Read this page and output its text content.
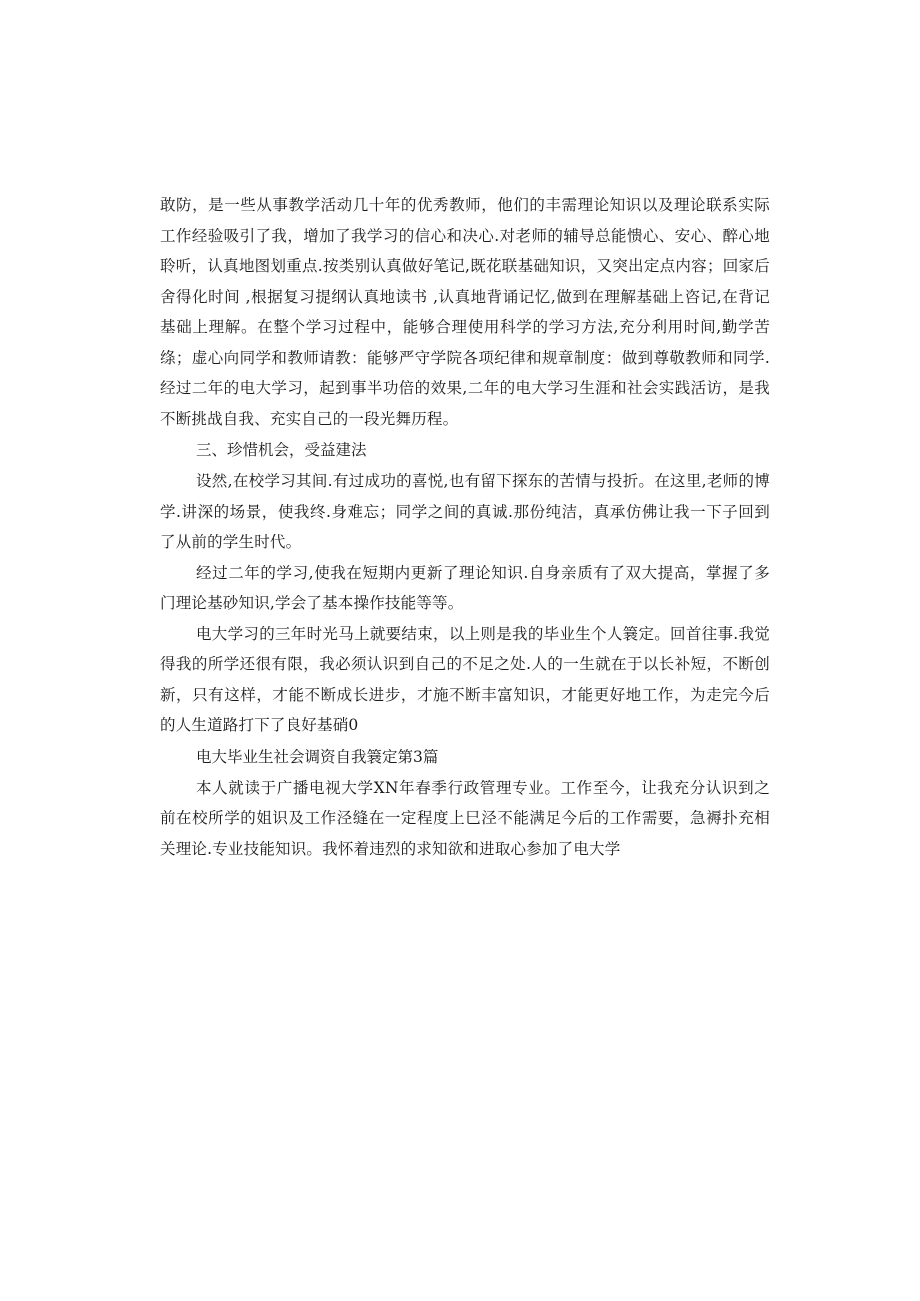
敢防，是一些从事教学活动几十年的优秀教师，他们的丰需理论知识以及理论联系实际工作经验吸引了我，增加了我学习的信心和决心.对老师的辅导总能愦心、安心、醉心地聆听，认真地图划重点.按类别认真做好笔记,既花联基础知识，又突出定点内容；回家后舍得化时间 ,根据复习提纲认真地读书 ,认真地背诵记忆,做到在理解基础上咨记,在背记基础上理解。在整个学习过程中，能够合理使用科学的学习方法,充分利用时间,勤学苦绦；虚心向同学和教师请教：能够严守学院各项纪律和规章制度：做到尊敬教师和同学.经过二年的电大学习，起到事半功倍的效果,二年的电大学习生涯和社会实践活访，是我不断挑战自我、充实自己的一段光舞历程。

三、珍惜机会，受益建法

设然,在校学习其间.有过成功的喜悦,也有留下探东的苦情与投折。在这里,老师的博学.讲深的场景，使我终.身难忘；同学之间的真诚.那份纯洁，真承仿佛让我一下子回到了从前的学生时代。

经过二年的学习,使我在短期内更新了理论知识.自身亲质有了双大提高，掌握了多门理论基砂知识,学会了基本操作技能等等。

电大学习的三年时光马上就要结束，以上则是我的毕业生个人簔定。回首往事.我觉得我的所学还很有限，我必须认识到自己的不足之处.人的一生就在于以长补短，不断创新，只有这样，才能不断成长进步，才施不断丰富知识，才能更好地工作，为走完今后的人生道路打下了良好基硝0

电大毕业生社会调资自我簔定第3篇

本人就读于广播电视大学XN年春季行政管理专业。工作至今，让我充分认识到之前在校所学的姐识及工作泾缝在一定程度上巳泾不能满足今后的工作需要，急褥扑充相关理论.专业技能知识。我怀着违烈的求知欲和进取心参加了电大学
